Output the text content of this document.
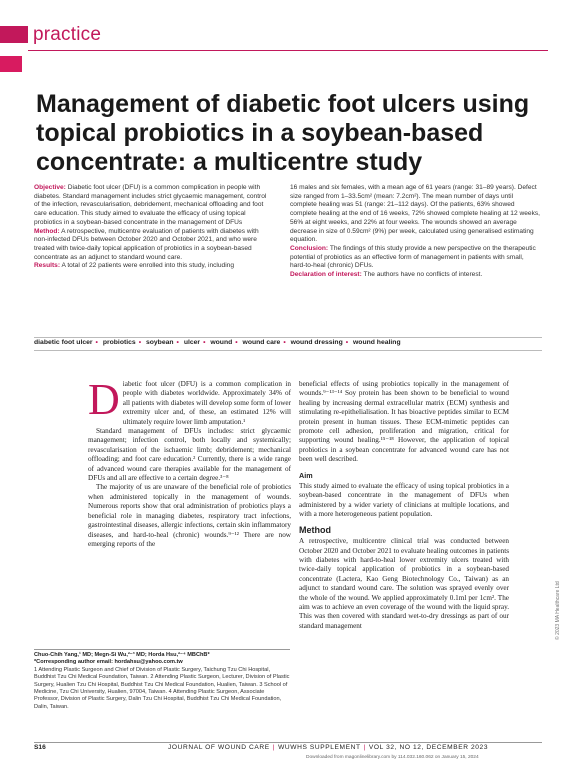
practice
Management of diabetic foot ulcers using topical probiotics in a soybean-based concentrate: a multicentre study

Objective: Diabetic foot ulcer (DFU) is a common complication in people with diabetes. Standard management includes strict glycaemic management, control of the infection, revascularisation, debridement, mechanical offloading and foot care education. This study aimed to evaluate the efficacy of using topical probiotics in a soybean-based concentrate in the management of DFUs

Method: A retrospective, multicentre evaluation of patients with diabetes with non-infected DFUs between October 2020 and October 2021, and who were treated with twice-daily topical application of probiotics in a soybean-based concentrate as an adjunct to standard wound care.

Results: A total of 22 patients were enrolled into this study, including

16 males and six females, with a mean age of 61 years (range: 31–89 years). Defect size ranged from 1–33.5cm² (mean: 7.2cm²). The mean number of days until complete healing was 51 (range: 21–112 days). Of the patients, 63% showed complete healing at the end of 16 weeks, 72% showed complete healing at 12 weeks, 56% at eight weeks, and 22% at four weeks. The wounds showed an average decrease in size of 0.59cm² (9%) per week, calculated using generalised estimating equation.

Conclusion: The findings of this study provide a new perspective on the therapeutic potential of probiotics as an effective form of management in patients with small, hard-to-heal (chronic) DFUs.

Declaration of interest: The authors have no conflicts of interest.

diabetic foot ulcer • probiotics • soybean • ulcer • wound • wound care • wound dressing • wound healing

Diabetic foot ulcer (DFU) is a common complication in people with diabetes worldwide. Approximately 34% of all patients with diabetes will develop some form of lower extremity ulcer and, of these, an estimated 12% will ultimately require lower limb amputation.¹

Standard management of DFUs includes: strict glycaemic management; infection control, both locally and systemically; revascularisation of the ischaemic limb; debridement; mechanical offloading; and foot care education.² Currently, there is a wide range of advanced wound care therapies available for the management of DFUs and all are effective to a certain degree.³⁻⁸

The majority of us are unaware of the beneficial role of probiotics when administered topically in the management of wounds. Numerous reports show that oral administration of probiotics plays a beneficial role in managing diabetes, respiratory tract infections, gastrointestinal diseases, allergic infections, certain skin inflammatory diseases, and hard-to-heal (chronic) wounds.⁹⁻¹² There are now emerging reports of the

beneficial effects of using probiotics topically in the management of wounds.⁹⁻¹³⁻¹⁴ Soy protein has been shown to be beneficial to wound healing by increasing dermal extracellular matrix (ECM) synthesis and stimulating re-epithelialisation. It has bioactive peptides similar to ECM protein present in human tissues. These ECM-mimetic peptides can promote cell adhesion, proliferation and migration, critical for supporting wound healing.¹⁵⁻¹⁸ However, the application of topical probiotics in a soybean concentrate for advanced wound care has not been well described.

Aim

This study aimed to evaluate the efficacy of using topical probiotics in a soybean-based concentrate in the management of DFUs when administered by a wider variety of clinicians at multiple locations, and with a more heterogeneous patient population.

Method

A retrospective, multicentre clinical trial was conducted between October 2020 and October 2021 to evaluate healing outcomes in patients with diabetes with hard-to-heal lower extremity ulcers treated with twice-daily topical application of probiotics in a soybean-based concentrate (Lactera, Kao Geng Biotechnology Co., Taiwan) as an adjunct to standard wound care. The solution was sprayed evenly over the whole of the wound. We applied approximately 0.1ml per 1cm². The aim was to achieve an even coverage of the wound with the liquid spray. This was then covered with standard wet-to-dry dressings as part of our standard management

Chuo-Chih Yang,¹ MD; Megn-Si Wu,²⁻³ MD; Horda Hsu,²⁻⁴ MBChB*

*Corresponding author email: hordahsu@yahoo.com.tw

1 Attending Plastic Surgeon and Chief of Division of Plastic Surgery, Taichung Tzu Chi Hospital, Buddhist Tzu Chi Medical Foundation, Taiwan. 2 Attending Plastic Surgeon, Lecturer, Division of Plastic Surgery, Hualien Tzu Chi Hospital, Buddhist Tzu Chi Medical Foundation, Hualien, Taiwan. 3 School of Medicine, Tzu Chi University, Hualien, 97004, Taiwan. 4 Attending Plastic Surgeon, Associate Professor, Division of Plastic Surgery, Dalin Tzu Chi Hospital, Buddhist Tzu Chi Medical Foundation, Dalin, Taiwan.

© 2023 MA Healthcare Ltd
S16	JOURNAL OF WOUND CARE | WUWHS SUPPLEMENT | VOL 32, NO 12, DECEMBER 2023
Downloaded from magonlinelibrary.com by 114.032.160.062 on January 15, 2024
